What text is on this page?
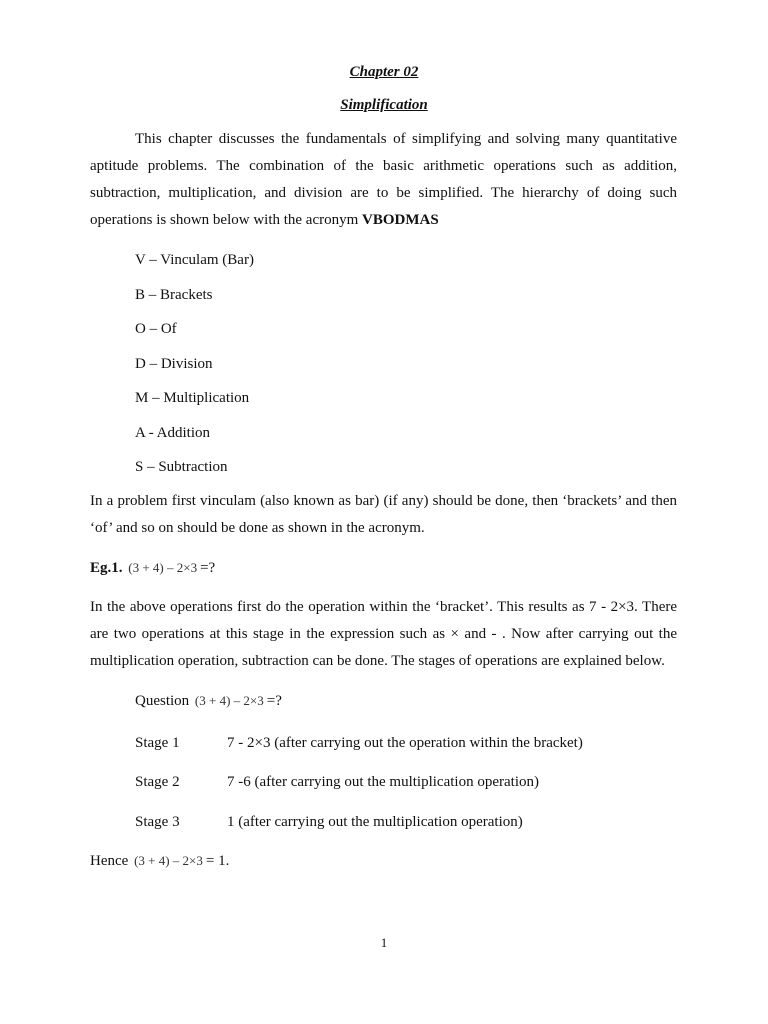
Chapter 02
Simplification

This chapter discusses the fundamentals of simplifying and solving many quantitative aptitude problems. The combination of the basic arithmetic operations such as addition, subtraction, multiplication, and division are to be simplified. The hierarchy of doing such operations is shown below with the acronym VBODMAS

V – Vinculam (Bar)
B – Brackets
O – Of
D – Division
M – Multiplication
A - Addition
S – Subtraction

In a problem first vinculam (also known as bar) (if any) should be done, then ‘brackets’ and then ‘of’ and so on should be done as shown in the acronym.

Eg.1. (3 + 4) – 2×3 =?

In the above operations first do the operation within the ‘bracket’. This results as 7 - 2×3. There are two operations at this stage in the expression such as × and - . Now after carrying out the multiplication operation, subtraction can be done. The stages of operations are explained below.

Question (3 + 4) – 2×3 =?
Stage 1	7 - 2×3 (after carrying out the operation within the bracket)
Stage 2	7 -6 (after carrying out the multiplication operation)
Stage 3	1 (after carrying out the multiplication operation)
Hence (3 + 4) – 2×3 = 1.
1
